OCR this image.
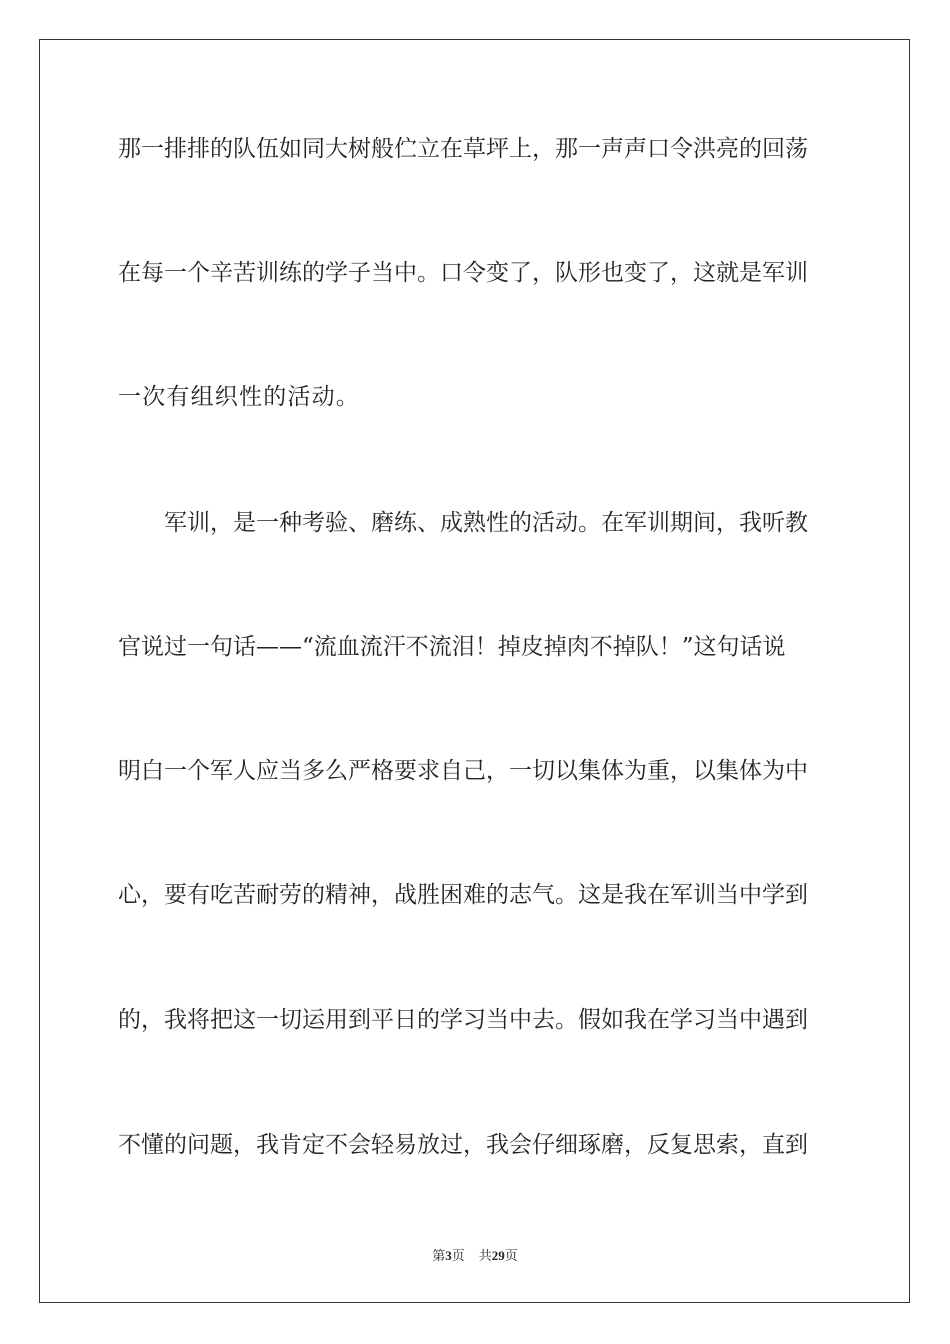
那一排排的队伍如同大树般伫立在草坪上，那一声声口令洪亮的回荡
在每一个辛苦训练的学子当中。口令变了，队形也变了，这就是军训
一次有组织性的活动。
军训，是一种考验、磨练、成熟性的活动。在军训期间，我听教
官说过一句话——“流血流汗不流泪！掉皮掉肉不掉队！”这句话说
明白一个军人应当多么严格要求自己，一切以集体为重，以集体为中
心，要有吃苦耐劳的精神，战胜困难的志气。这是我在军训当中学到
的，我将把这一切运用到平日的学习当中去。假如我在学习当中遇到
不懂的问题，我肯定不会轻易放过，我会仔细琢磨，反复思索，直到
第3页 共29页
